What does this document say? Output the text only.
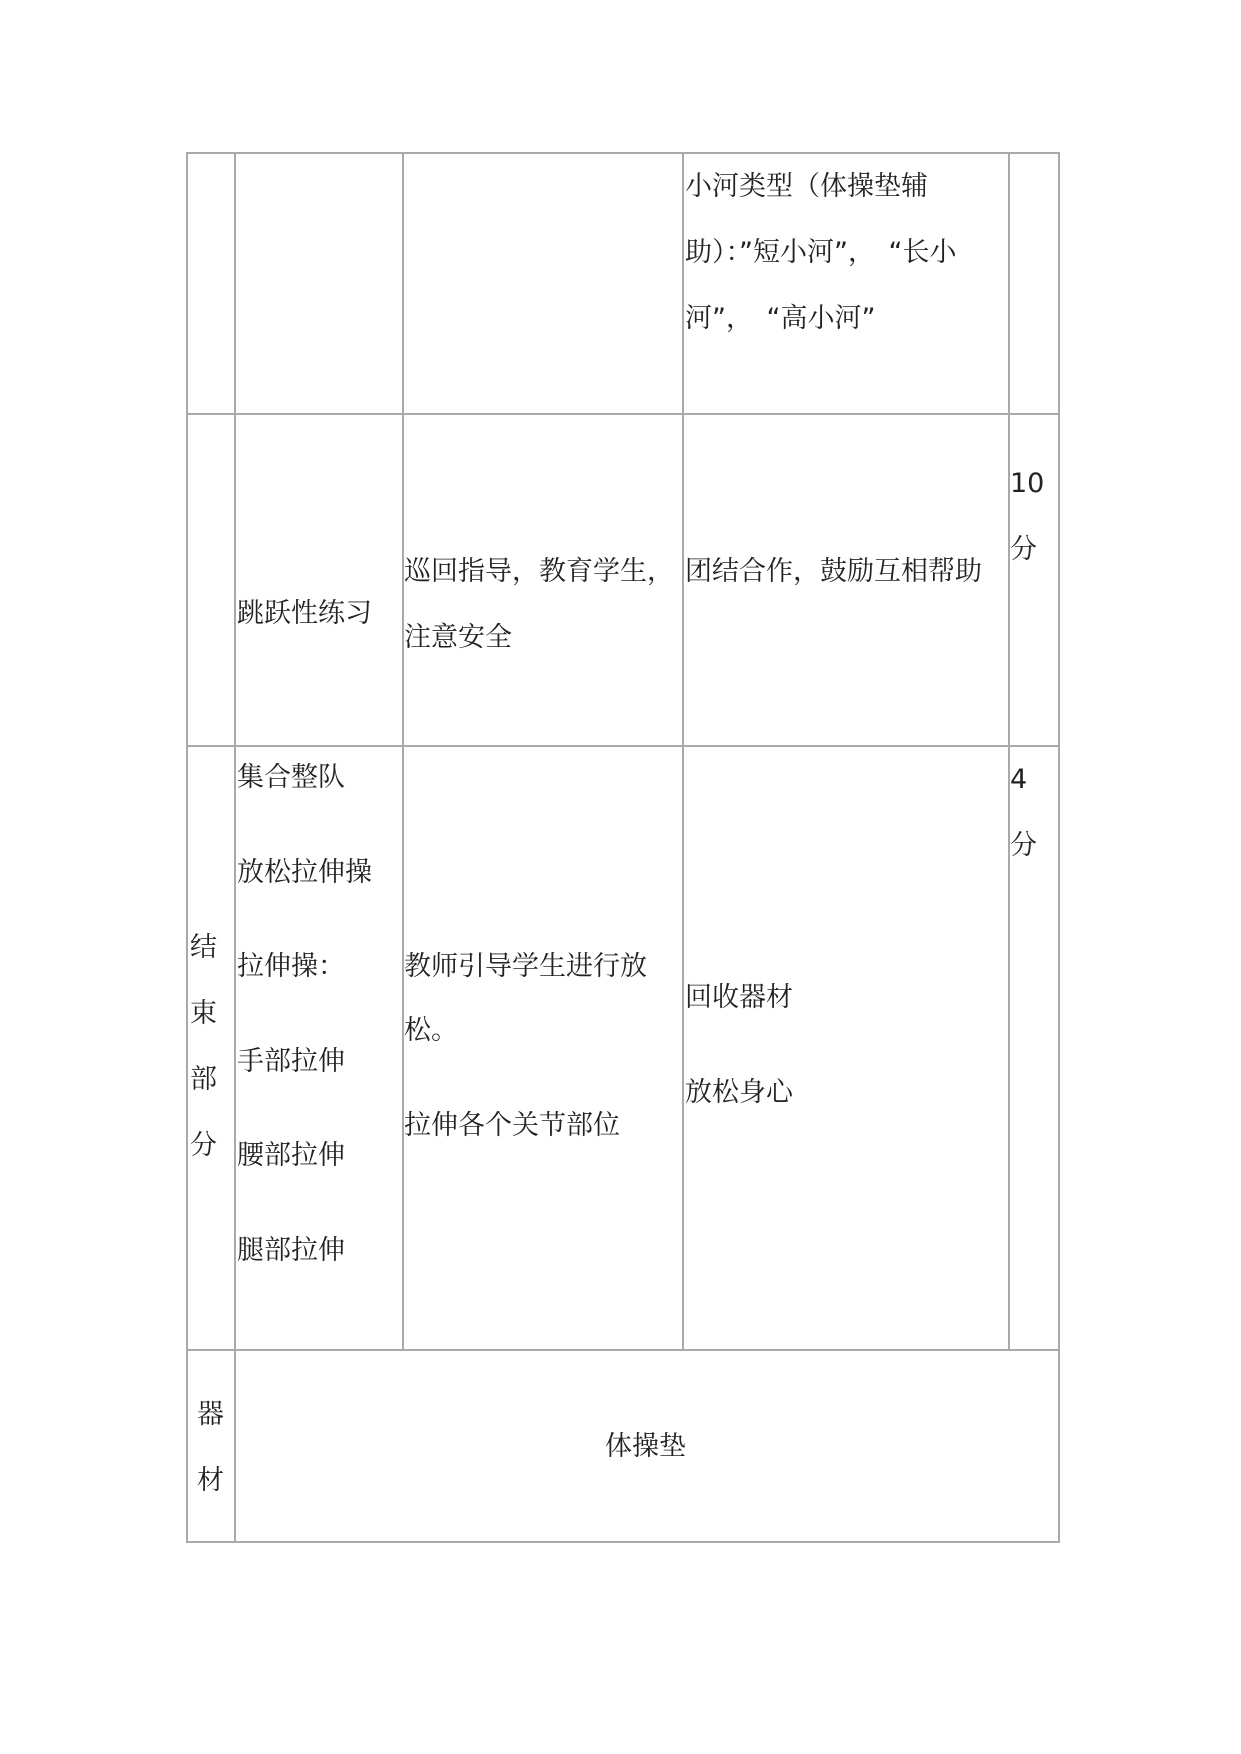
小河类型（体操垫辅
助）：”短小河”，　“长小
河”，　“高小河”
跳跃性练习
巡回指导，教育学生，
注意安全
团结合作，鼓励互相帮助
10
分
结
束
部
分
集合整队
放松拉伸操
拉伸操：
手部拉伸
腰部拉伸
腿部拉伸
教师引导学生进行放
松。
拉伸各个关节部位
回收器材
放松身心
4
分
器
材
体操垫
